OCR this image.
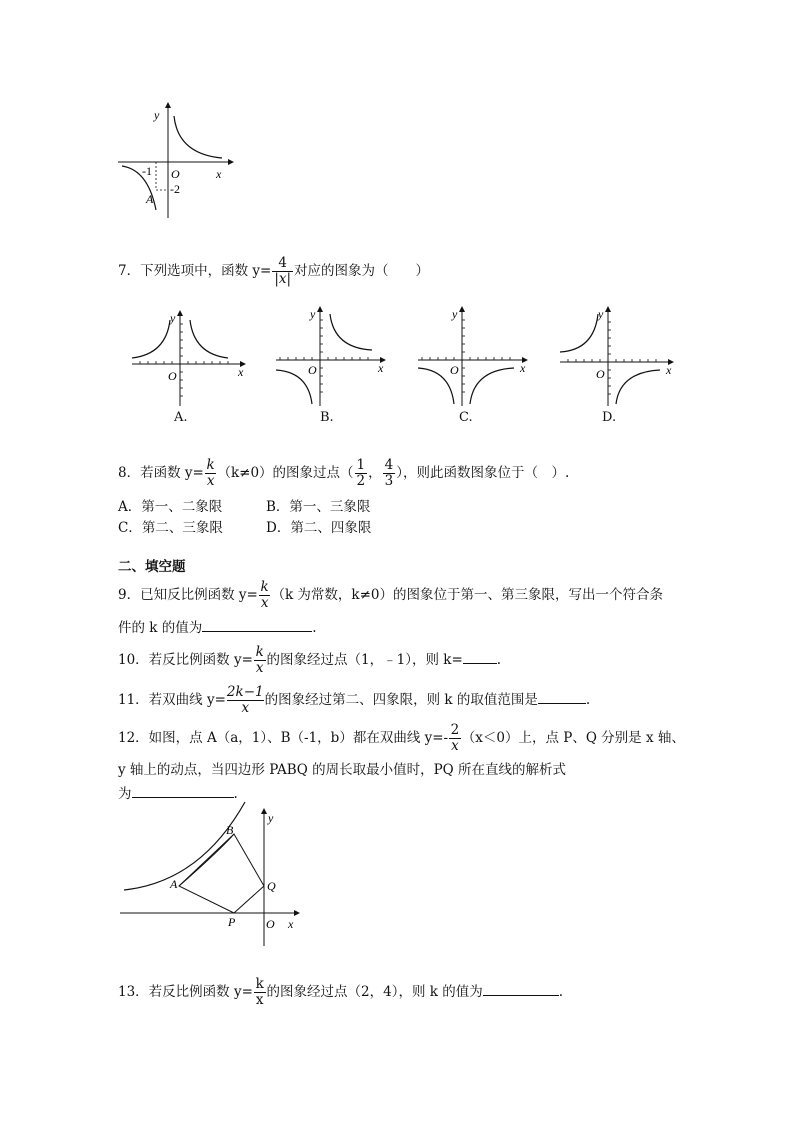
y
x
O
-1
-2
A
7．下列选项中，函数 $y= \frac{4}{|x|}$ 对应的图象为（　　）
y
x
O
y
x
O
y
x
O
y
x
O
A.	B.	C.	D.
8．若函数 $y= \frac{k}{x} (k\ne 0)$的图象过点（ $\frac{1}{2}$ ， $\frac{4}{3}$ ），则此函数图象位于（　）.
A．第一、二象限	B．第一、三象限
C．第二、三象限	D．第二、四象限
二、填空题
9．已知反比例函数 $y= \frac{k}{x} (k$ 为常数，k≠0）的图象位于第一、第三象限，写出一个符合条
件的 k 的值为	.
10．若反比例函数 $y= \frac{k}{x}$ 的图象经过点（1，﹣1），则 k=	.
11．若双曲线 $y= \frac{2k-1}{x}$ 的图象经过第二、四象限，则 k 的取值范围是	.
12．如图，点 A（a，1）、B（-1，b）都在双曲线 $y=- \frac{2}{x} (x<0)$上，点 P、Q 分别是 x 轴、
y 轴上的动点，当四边形 PABQ 的周长取最小值时，PQ 所在直线的解析式
为	.
y
x
O
A
B
P
Q
13．若反比例函数 $y= \frac{k}{x}$ 的图象经过点（2，4），则 k 的值为	.
